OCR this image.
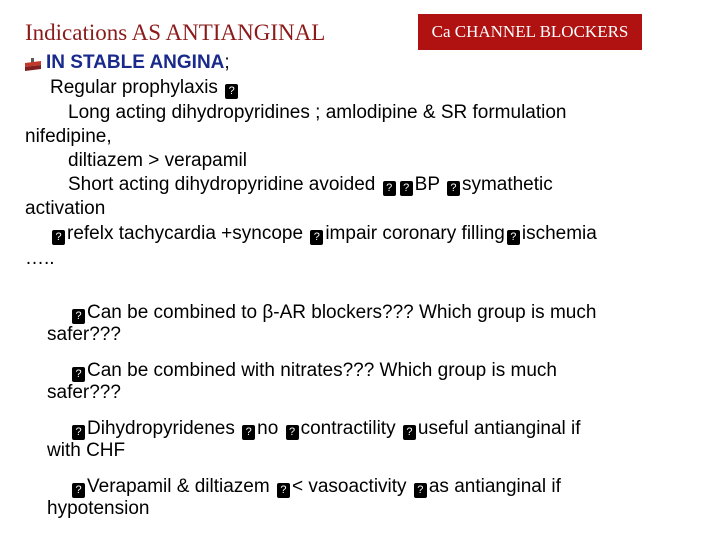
Indications AS ANTIANGINAL	Ca CHANNEL BLOCKERS
IN STABLE ANGINA;
Regular prophylaxis ?
Long acting dihydropyridines ; amlodipine & SR formulation
nifedipine,
diltiazem > verapamil
Short acting dihydropyridine avoided ? ? BP ? symathetic
activation
?refelx tachycardia +syncope ? impair coronary filling ? ischemia
…..
?Can be combined to β-AR blockers??? Which group is much
safer???
?Can be combined with nitrates??? Which group is much
safer???
?Dihydropyridenes ? no ? contractility ? useful antianginal if
with CHF
?Verapamil & diltiazem ? < vasoactivity ? as antianginal if
hypotension
